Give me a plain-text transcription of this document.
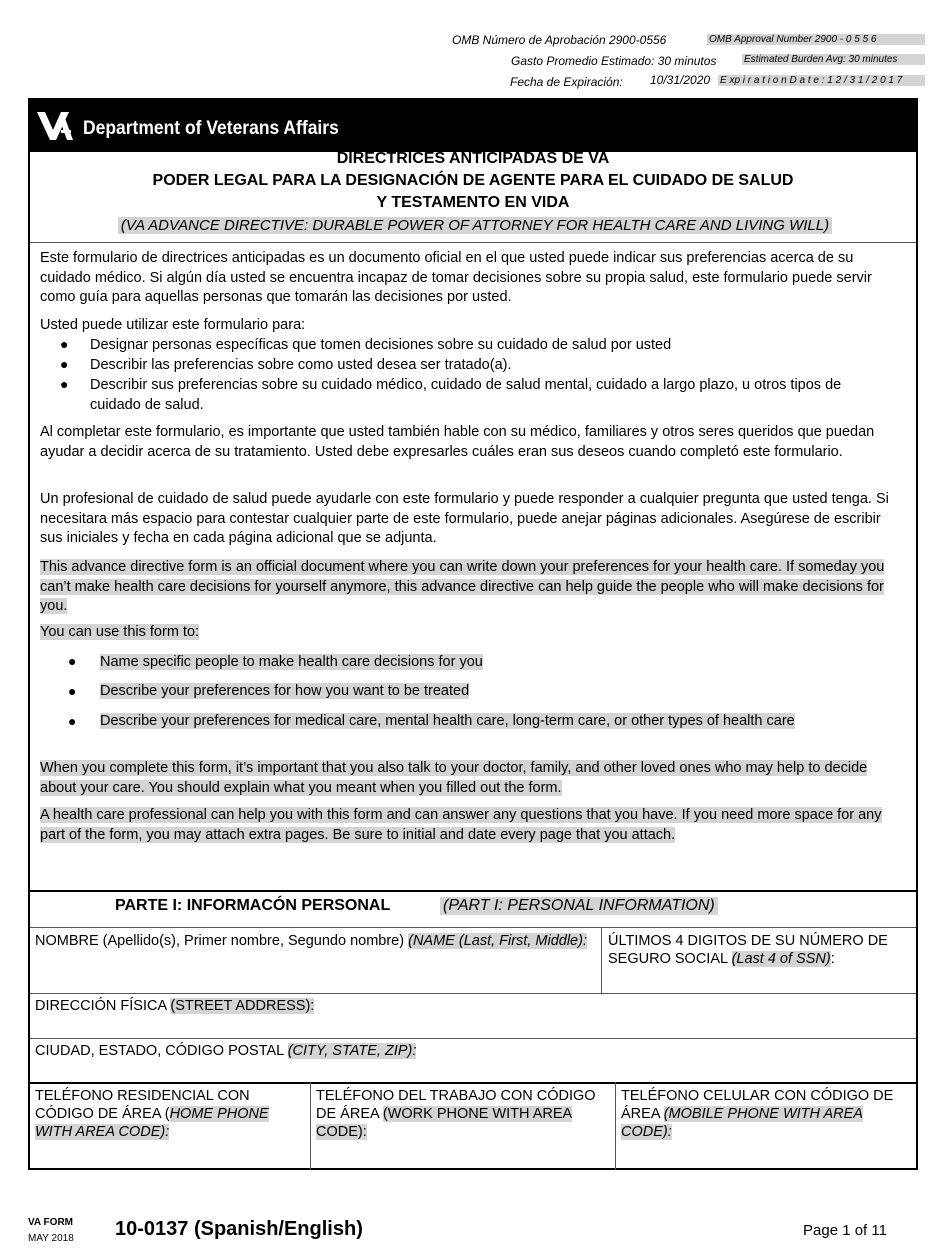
OMB Número de Aprobación 2900-0556	OMB Approval Number 2900 - 0 5 5 6
Gasto Promedio Estimado: 30 minutos	Estimated Burden Avg: 30 minutes
Fecha de Expiración: 10/31/2020 E xp i r a t i o n D a t e : 1 2 / 3 1 / 2 0 1 7
Department of Veterans Affairs
DIRECTRICES ANTICIPADAS DE VA
PODER LEGAL PARA LA DESIGNACIÓN DE AGENTE PARA EL CUIDADO DE SALUD
Y TESTAMENTO EN VIDA
(VA ADVANCE DIRECTIVE: DURABLE POWER OF ATTORNEY FOR HEALTH CARE AND LIVING WILL)
Este formulario de directrices anticipadas es un documento oficial en el que usted puede indicar sus preferencias acerca de su cuidado médico. Si algún día usted se encuentra incapaz de tomar decisiones sobre su propia salud, este formulario puede servir como guía para aquellas personas que tomarán las decisiones por usted.
Usted puede utilizar este formulario para:
● Designar personas específicas que tomen decisiones sobre su cuidado de salud por usted
● Describir las preferencias sobre como usted desea ser tratado(a).
● Describir sus preferencias sobre su cuidado médico, cuidado de salud mental, cuidado a largo plazo, u otros tipos de cuidado de salud.
Al completar este formulario, es importante que usted también hable con su médico, familiares y otros seres queridos que puedan ayudar a decidir acerca de su tratamiento. Usted debe expresarles cuáles eran sus deseos cuando completó este formulario.
Un profesional de cuidado de salud puede ayudarle con este formulario y puede responder a cualquier pregunta que usted tenga. Si necesitara más espacio para contestar cualquier parte de este formulario, puede anejar páginas adicionales. Asegúrese de escribir sus iniciales y fecha en cada página adicional que se adjunta.
This advance directive form is an official document where you can write down your preferences for your health care. If someday you can’t make health care decisions for yourself anymore, this advance directive can help guide the people who will make decisions for you.
You can use this form to:
● Name specific people to make health care decisions for you
● Describe your preferences for how you want to be treated
● Describe your preferences for medical care, mental health care, long-term care, or other types of health care
When you complete this form, it’s important that you also talk to your doctor, family, and other loved ones who may help to decide about your care. You should explain what you meant when you filled out the form.
A health care professional can help you with this form and can answer any questions that you have. If you need more space for any part of the form, you may attach extra pages. Be sure to initial and date every page that you attach.
PARTE I: INFORMACÓN PERSONAL	(PART I: PERSONAL INFORMATION)
NOMBRE (Apellido(s), Primer nombre, Segundo nombre) (NAME (Last, First, Middle):	ÚLTIMOS 4 DIGITOS DE SU NÚMERO DE SEGURO SOCIAL (Last 4 of SSN):
DIRECCIÓN FÍSICA (STREET ADDRESS):
CIUDAD, ESTADO, CÓDIGO POSTAL (CITY, STATE, ZIP):
TELÉFONO RESIDENCIAL CON CÓDIGO DE ÁREA (HOME PHONE WITH AREA CODE):
TELÉFONO DEL TRABAJO CON CÓDIGO DE ÁREA (WORK PHONE WITH AREA CODE):
TELÉFONO CELULAR CON CÓDIGO DE ÁREA (MOBILE PHONE WITH AREA CODE):
VA FORM
MAY 2018 10-0137 (Spanish/English)	Page 1 of 11
